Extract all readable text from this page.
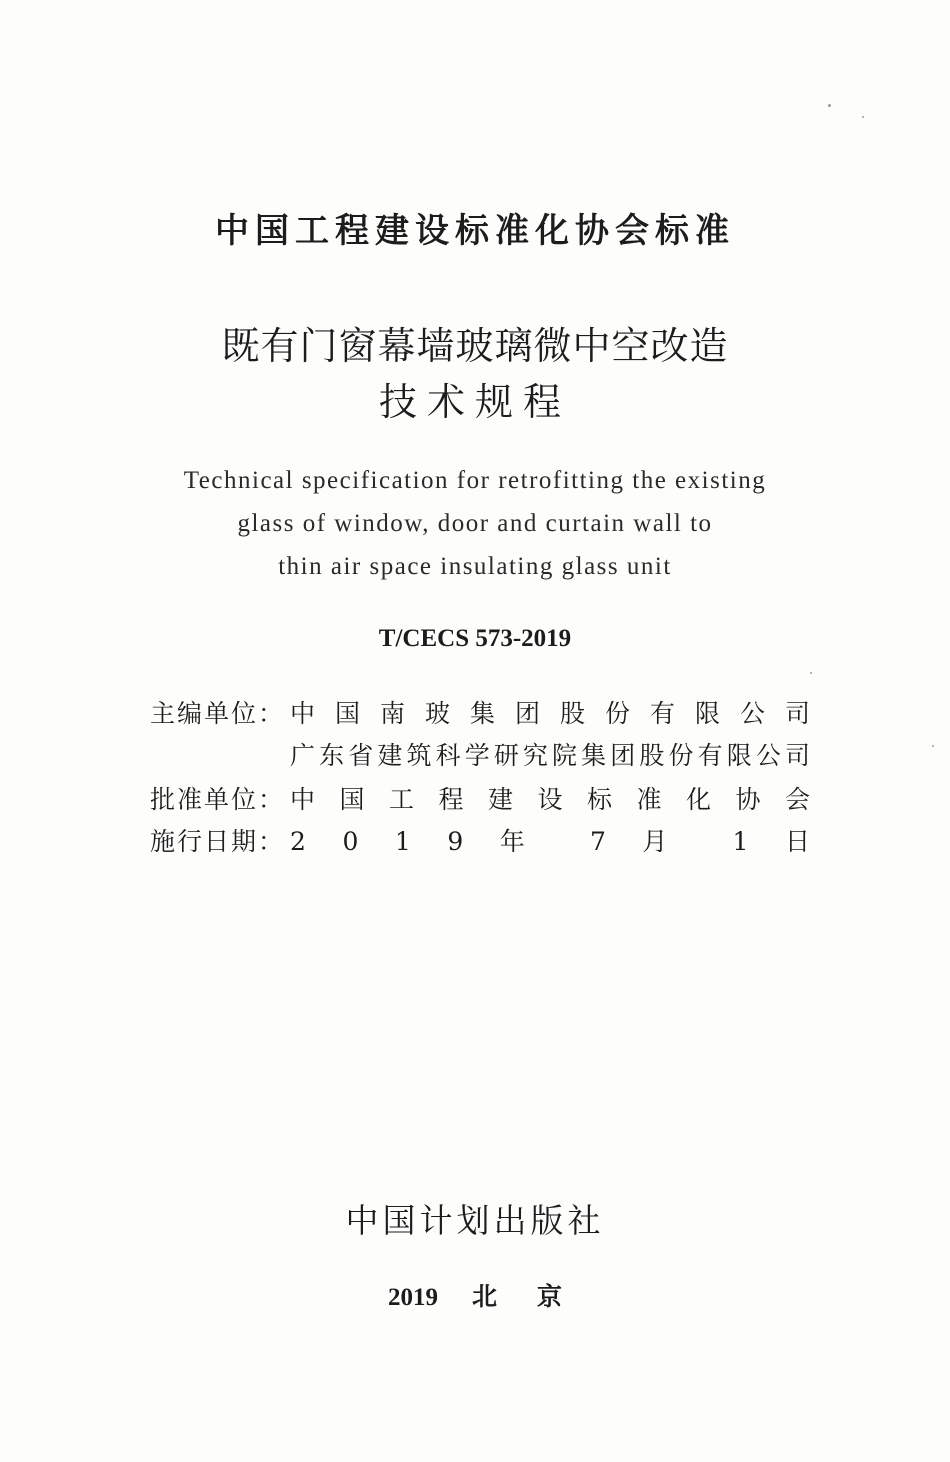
中国工程建设标准化协会标准
既有门窗幕墙玻璃微中空改造
技术规程
Technical specification for retrofitting the existing
glass of window, door and curtain wall to
thin air space insulating glass unit
T/CECS 573-2019
主编单位： 中 国 南 玻 集 团 股 份 有 限 公 司
广东省建筑科学研究院集团股份有限公司
批准单位： 中 国 工 程 建 设 标 准 化 协 会
施行日期： 2 0 1 9 年 7 月 1 日
中国计划出版社
2019 北京
